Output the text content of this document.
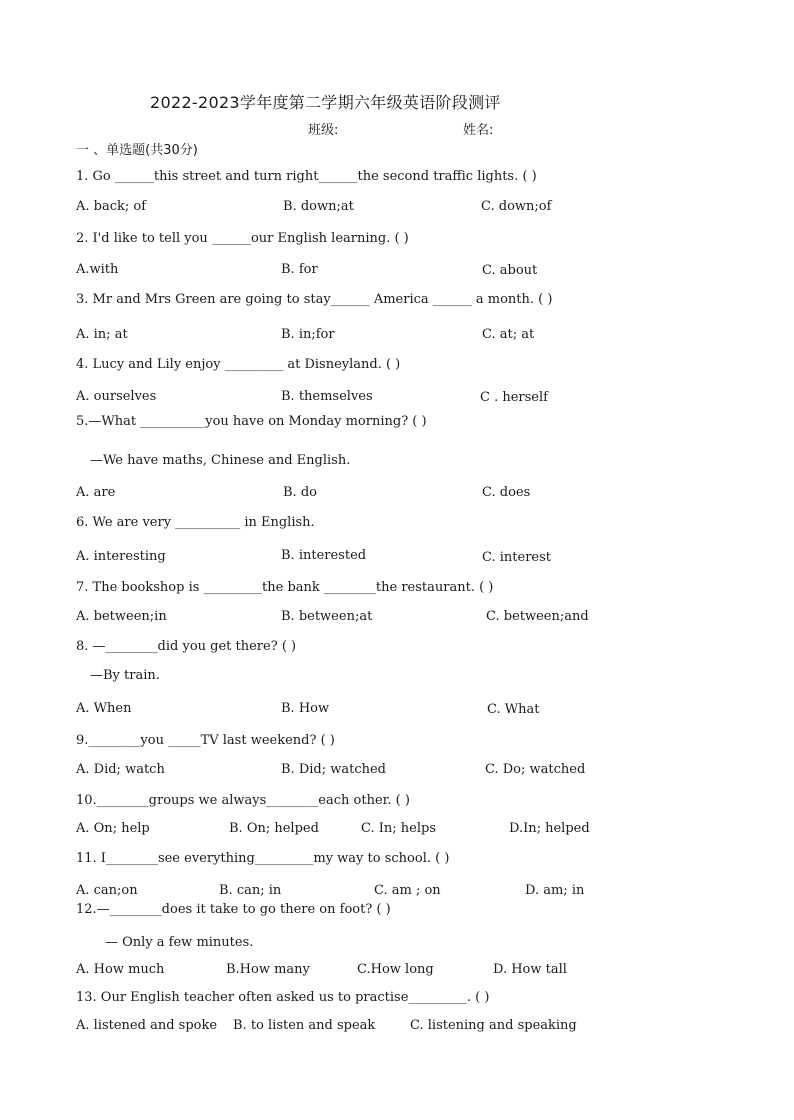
2022-2023学年度第二学期六年级英语阶段测评
班级:	姓名:
一 、单选题(共30分)
1. Go ______this street and turn right______the second traffic lights. ( )
A. back; of	B. down;at	C. down;of
2. I'd like to tell you ______our English learning. ( )
A.with	B. for	C. about
3. Mr and Mrs Green are going to stay______ America ______ a month. ( )
A. in; at	B. in;for	C. at; at
4. Lucy and Lily enjoy _________ at Disneyland. ( )
A. ourselves	B. themselves	C . herself
5.—What __________you have on Monday morning? ( )
—We have maths, Chinese and English.
A. are	B. do	C. does
6. We are very __________ in English.
A. interesting	B. interested	C. interest
7. The bookshop is _________the bank ________the restaurant. ( )
A. between;in	B. between;at	C. between;and
8. —________did you get there? ( )
—By train.
A. When	B. How	C. What
9.________you _____TV last weekend? ( )
A. Did; watch	B. Did; watched	C. Do; watched
10.________groups we always________each other. ( )
A. On; help	B. On; helped	C. In; helps	D.In; helped
11. I________see everything_________my way to school. ( )
A. can;on	B. can; in	C. am ; on	D. am; in
12.—________does it take to go there on foot? ( )
— Only a few minutes.
A. How much	B.How many	C.How long	D. How tall
13. Our English teacher often asked us to practise_________. ( )
A. listened and spoke B. to listen and speak	C. listening and speaking
